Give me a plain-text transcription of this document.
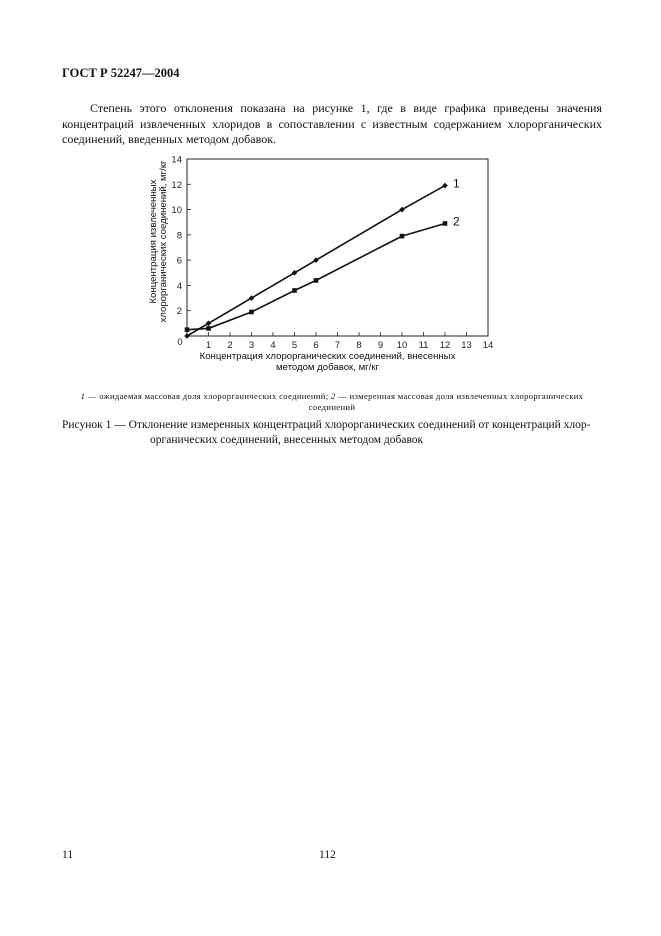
ГОСТ Р 52247—2004
Степень этого отклонения показана на рисунке 1, где в виде графика приведены значения концентраций извлеченных хлоридов в сопоставлении с известным содержанием хлорорганических соединений, введенных методом добавок.
1 2 3 4 5 6 7 8 9 10 11 12 13 14
2
4
6
8
10
12
14
0
1
2
Концентрация хлорорганических соединений, внесенных
методом добавок, мг/кг
Концентрация извлеченных хлорорганических соединений, мг/кг
1 — ожидаемая массовая доля хлорорганических соединений; 2 — измеренная массовая доля извлеченных хлорорганических соединений
Рисунок 1 — Отклонение измеренных концентраций хлорорганических соединений от концентраций хлор-
органических соединений, внесенных методом добавок
11	112
